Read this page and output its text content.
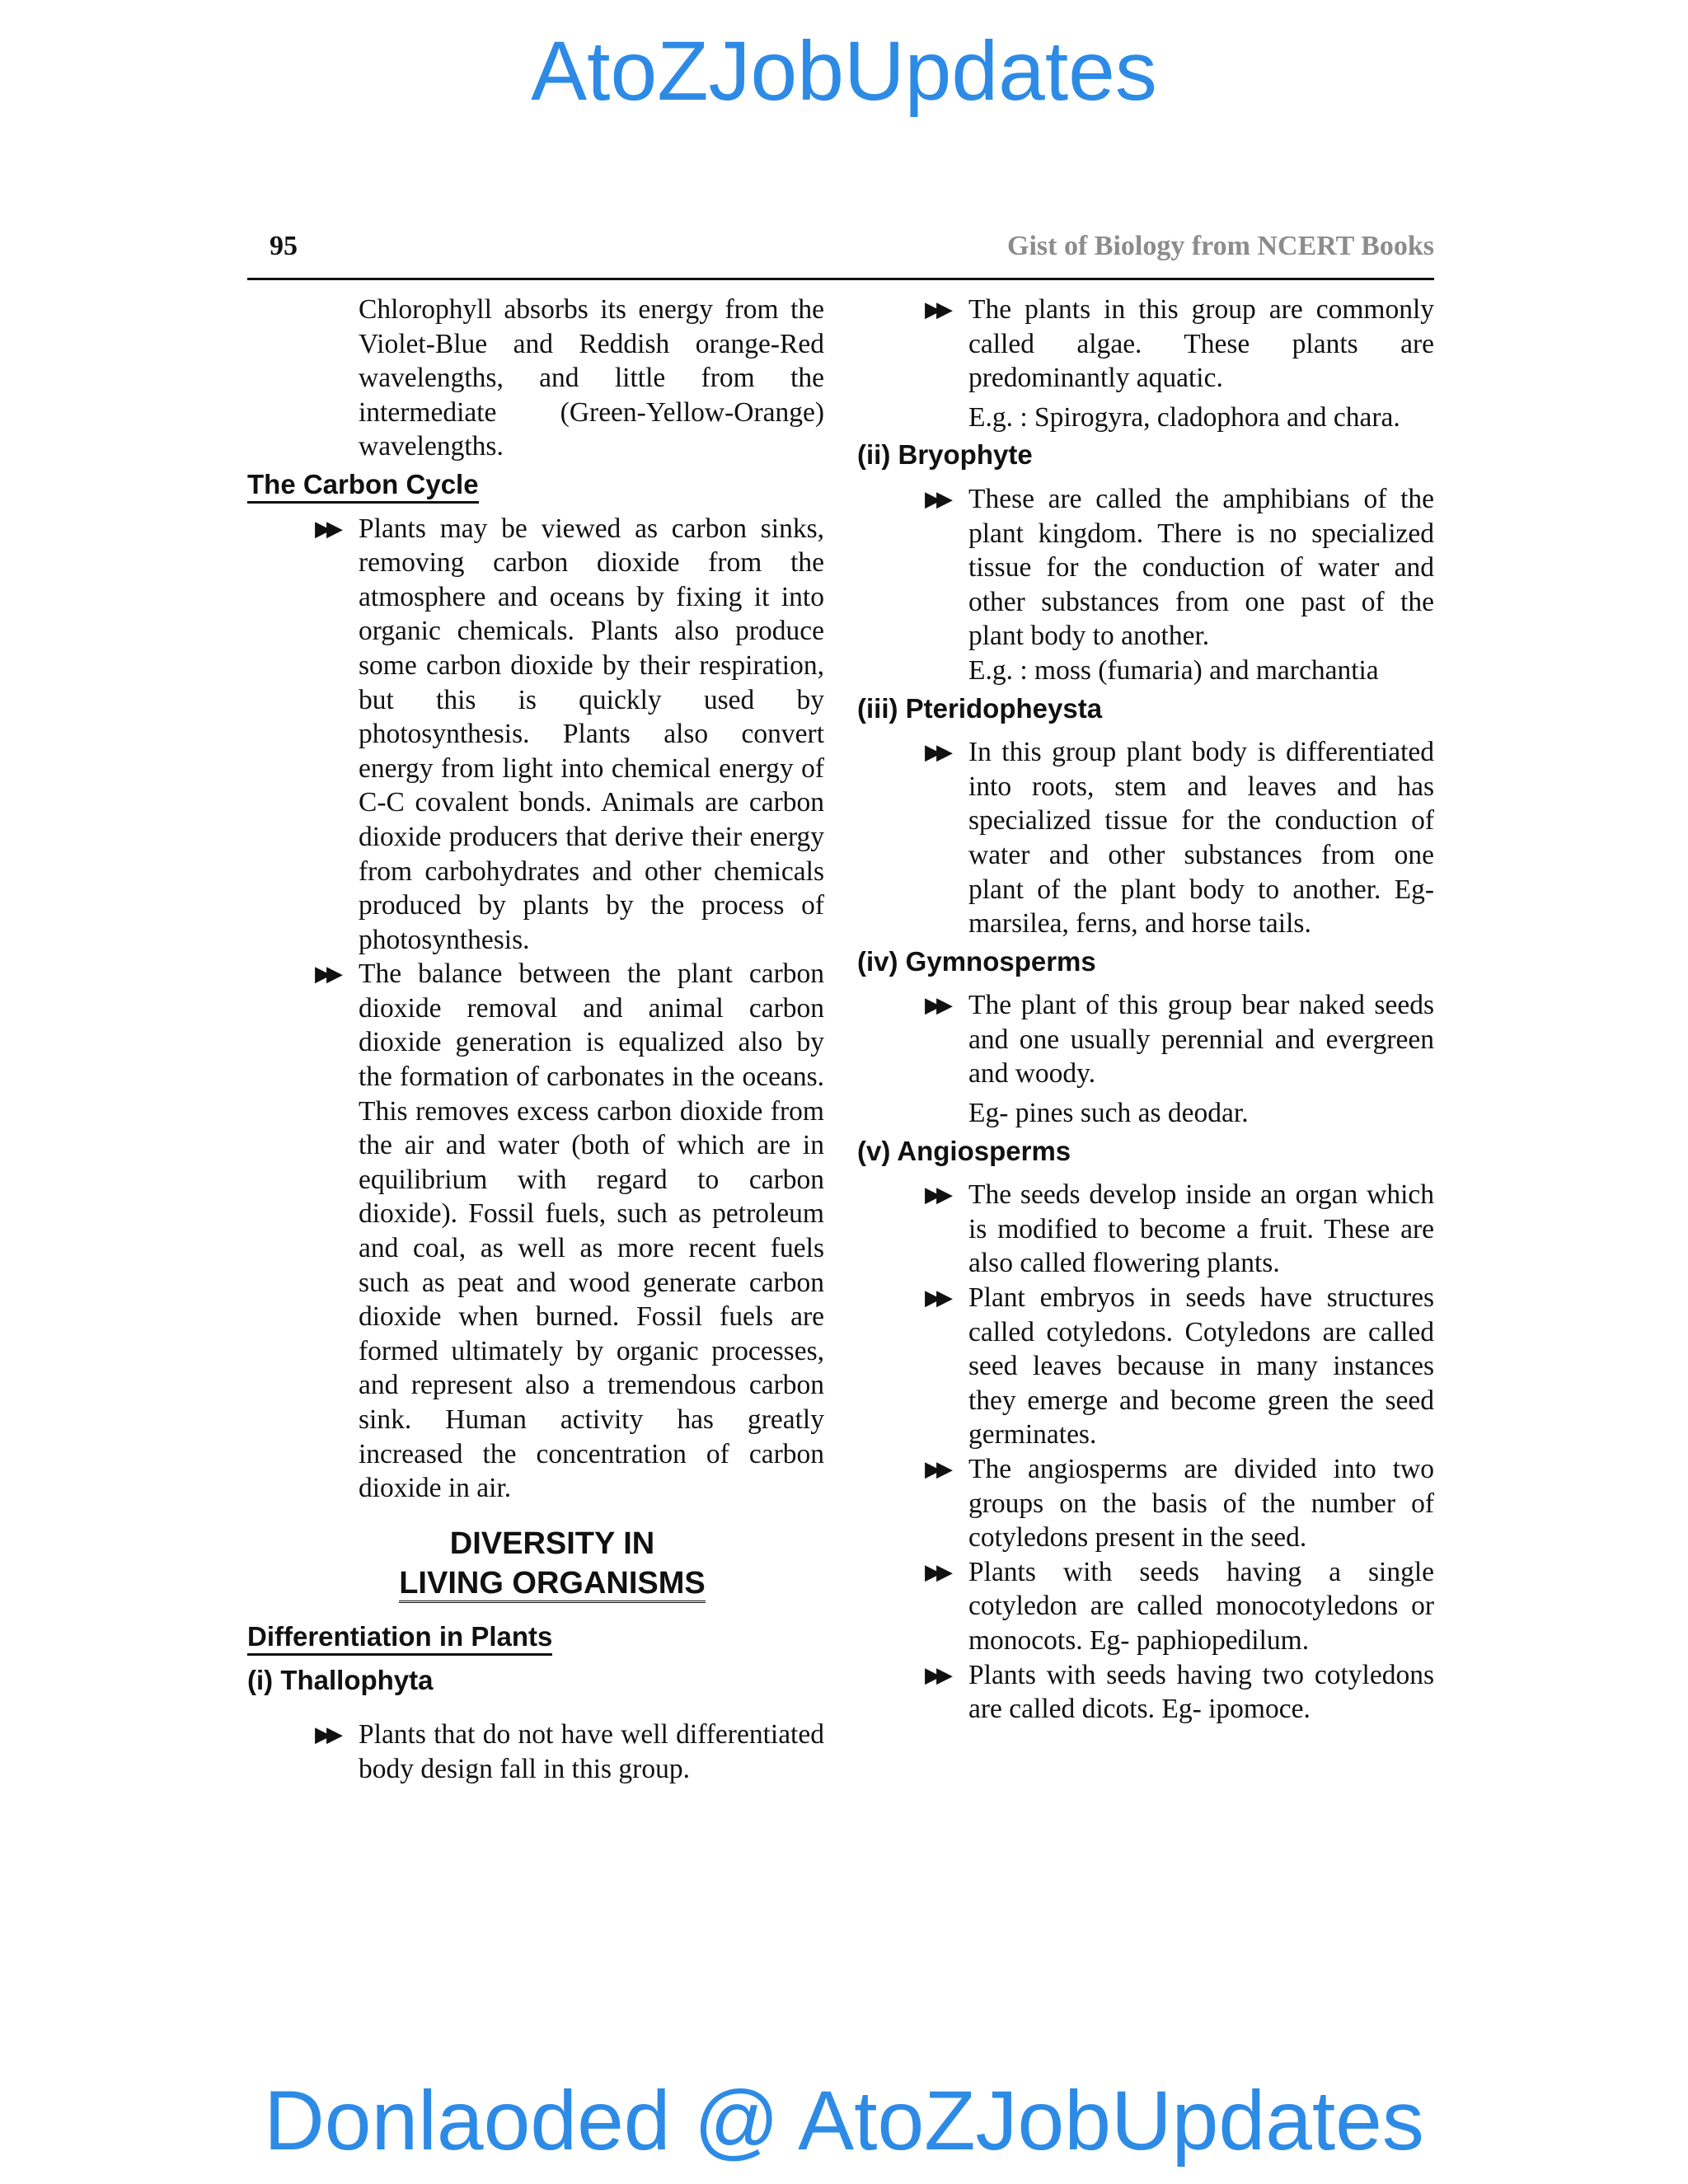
AtoZJobUpdates
95	Gist of Biology from NCERT Books

Chlorophyll absorbs its energy from the Violet-Blue and Reddish orange-Red wavelengths, and little from the intermediate (Green-Yellow-Orange) wavelengths.

The Carbon Cycle
▶▶ Plants may be viewed as carbon sinks, removing carbon dioxide from the atmosphere and oceans by fixing it into organic chemicals. Plants also produce some carbon dioxide by their respiration, but this is quickly used by photosynthesis. Plants also convert energy from light into chemical energy of C-C covalent bonds. Animals are carbon dioxide producers that derive their energy from carbohydrates and other chemicals produced by plants by the process of photosynthesis.
▶▶ The balance between the plant carbon dioxide removal and animal carbon dioxide generation is equalized also by the formation of carbonates in the oceans. This removes excess carbon dioxide from the air and water (both of which are in equilibrium with regard to carbon dioxide). Fossil fuels, such as petroleum and coal, as well as more recent fuels such as peat and wood generate carbon dioxide when burned. Fossil fuels are formed ultimately by organic processes, and represent also a tremendous carbon sink. Human activity has greatly increased the concentration of carbon dioxide in air.
DIVERSITY IN
LIVING ORGANISMS
Differentiation in Plants
(i) Thallophyta
▶▶ Plants that do not have well differentiated body design fall in this group.
▶▶ The plants in this group are commonly called algae. These plants are predominantly aquatic.

E.g. : Spirogyra, cladophora and chara.

(ii) Bryophyte
▶▶ These are called the amphibians of the plant kingdom. There is no specialized tissue for the conduction of water and other substances from one past of the plant body to another.

E.g. : moss (fumaria) and marchantia

(iii) Pteridopheysta
▶▶ In this group plant body is differentiated into roots, stem and leaves and has specialized tissue for the conduction of water and other substances from one plant of the plant body to another. Eg- marsilea, ferns, and horse tails.
(iv) Gymnosperms
▶▶ The plant of this group bear naked seeds and one usually perennial and evergreen and woody.

Eg- pines such as deodar.

(v) Angiosperms
▶▶ The seeds develop inside an organ which is modified to become a fruit. These are also called flowering plants.
▶▶ Plant embryos in seeds have structures called cotyledons. Cotyledons are called seed leaves because in many instances they emerge and become green the seed germinates.
▶▶ The angiosperms are divided into two groups on the basis of the number of cotyledons present in the seed.
▶▶ Plants with seeds having a single cotyledon are called monocotyledons or monocots. Eg- paphiopedilum.
▶▶ Plants with seeds having two cotyledons are called dicots. Eg- ipomoce.
Donlaoded @ AtoZJobUpdates
